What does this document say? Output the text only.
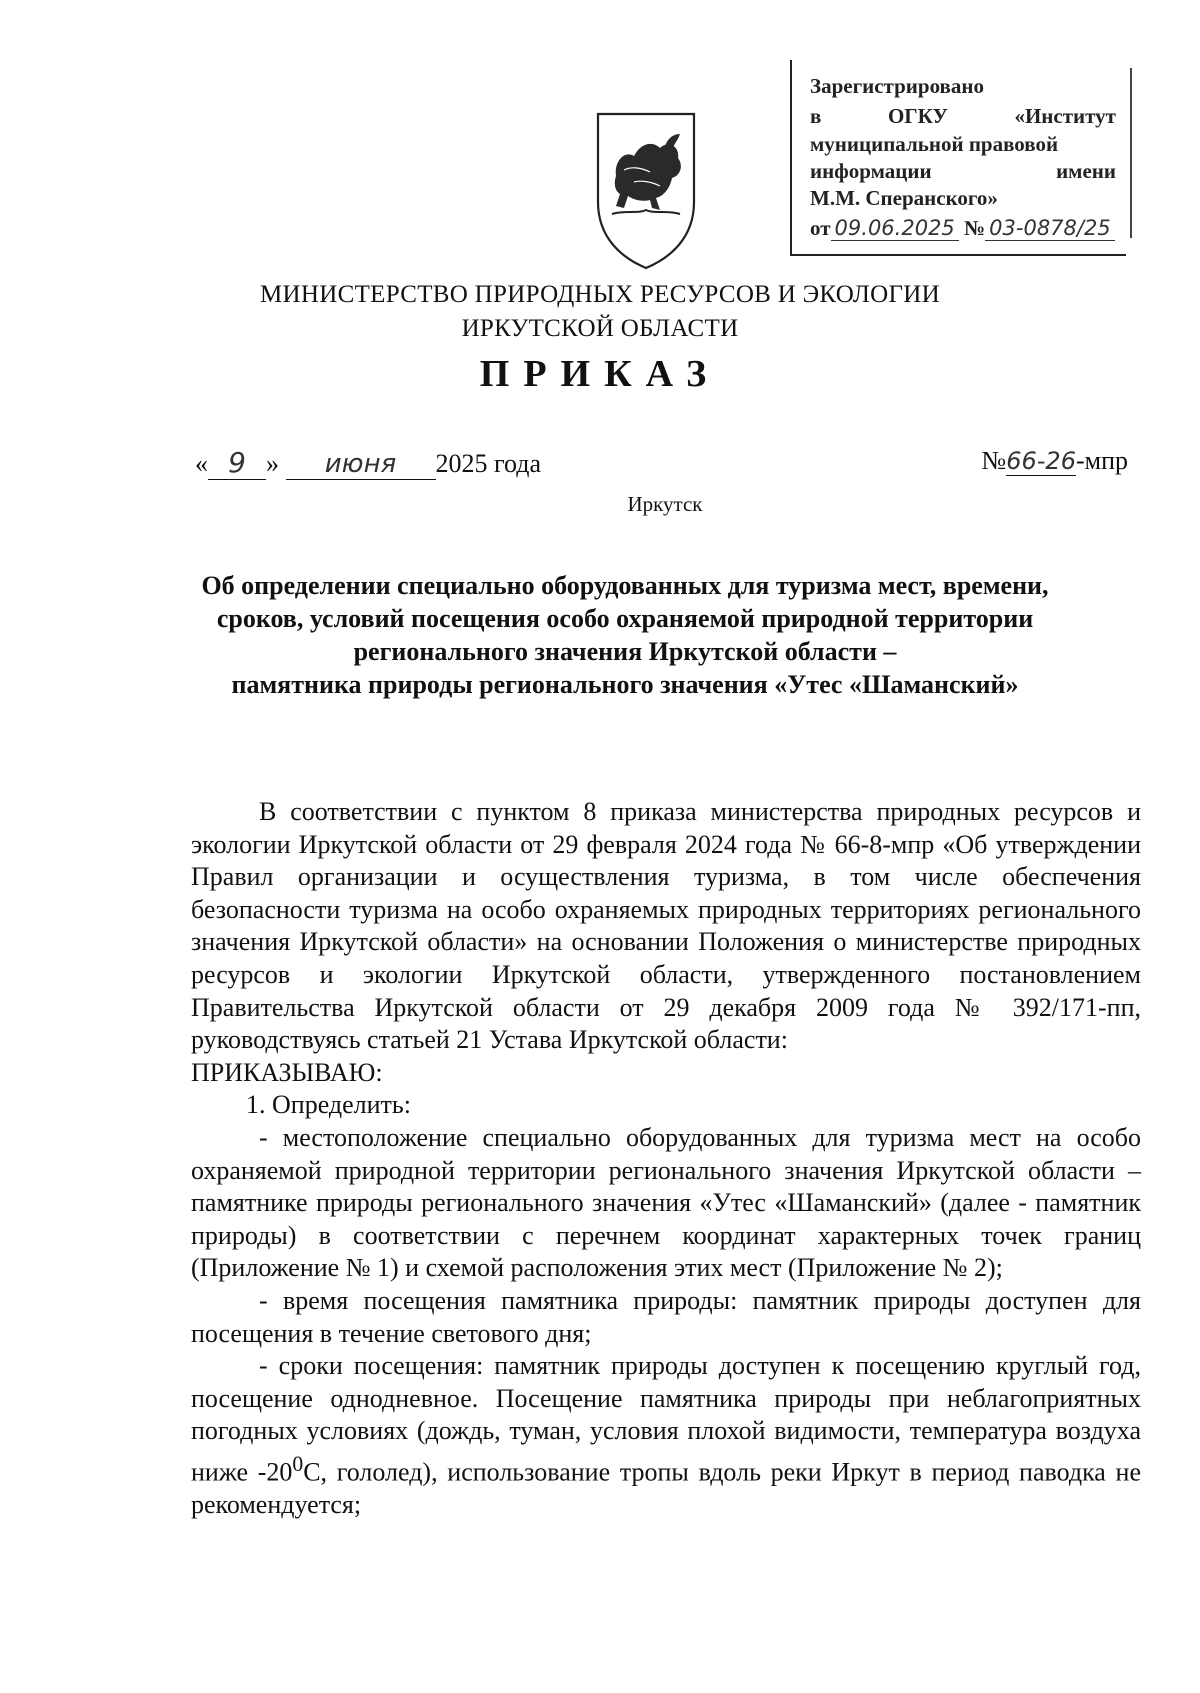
Зарегистрировано
в	ОГКУ	«Институт
муниципальной правовой
информации	имени
М.М. Сперанского»
от 09.06.2025 № 03-0878/25
МИНИСТЕРСТВО ПРИРОДНЫХ РЕСУРСОВ И ЭКОЛОГИИ
ИРКУТСКОЙ ОБЛАСТИ
ПРИКАЗ
« 9 » июня 2025 года	№66-26-мпр
Иркутск
Об определении специально оборудованных для туризма мест, времени,
сроков, условий посещения особо охраняемой природной территории
регионального значения Иркутской области –
памятника природы регионального значения «Утес «Шаманский»

В соответствии с пунктом 8 приказа министерства природных ресурсов и экологии Иркутской области от 29 февраля 2024 года № 66-8-мпр «Об утверждении Правил организации и осуществления туризма, в том числе обеспечения безопасности туризма на особо охраняемых природных территориях регионального значения Иркутской области» на основании Положения о министерстве природных ресурсов и экологии Иркутской области, утвержденного постановлением Правительства Иркутской области от 29 декабря 2009 года № 392/171-пп, руководствуясь статьей 21 Устава Иркутской области:

ПРИКАЗЫВАЮ:

1. Определить:

- местоположение специально оборудованных для туризма мест на особо охраняемой природной территории регионального значения Иркутской области – памятнике природы регионального значения «Утес «Шаманский» (далее - памятник природы) в соответствии с перечнем координат характерных точек границ (Приложение № 1) и схемой расположения этих мест (Приложение № 2);

- время посещения памятника природы: памятник природы доступен для посещения в течение светового дня;

- сроки посещения: памятник природы доступен к посещению круглый год, посещение однодневное. Посещение памятника природы при неблагоприятных погодных условиях (дождь, туман, условия плохой видимости, температура воздуха ниже $-20^0С$, гололед), использование тропы вдоль реки Иркут в период паводка не рекомендуется;
